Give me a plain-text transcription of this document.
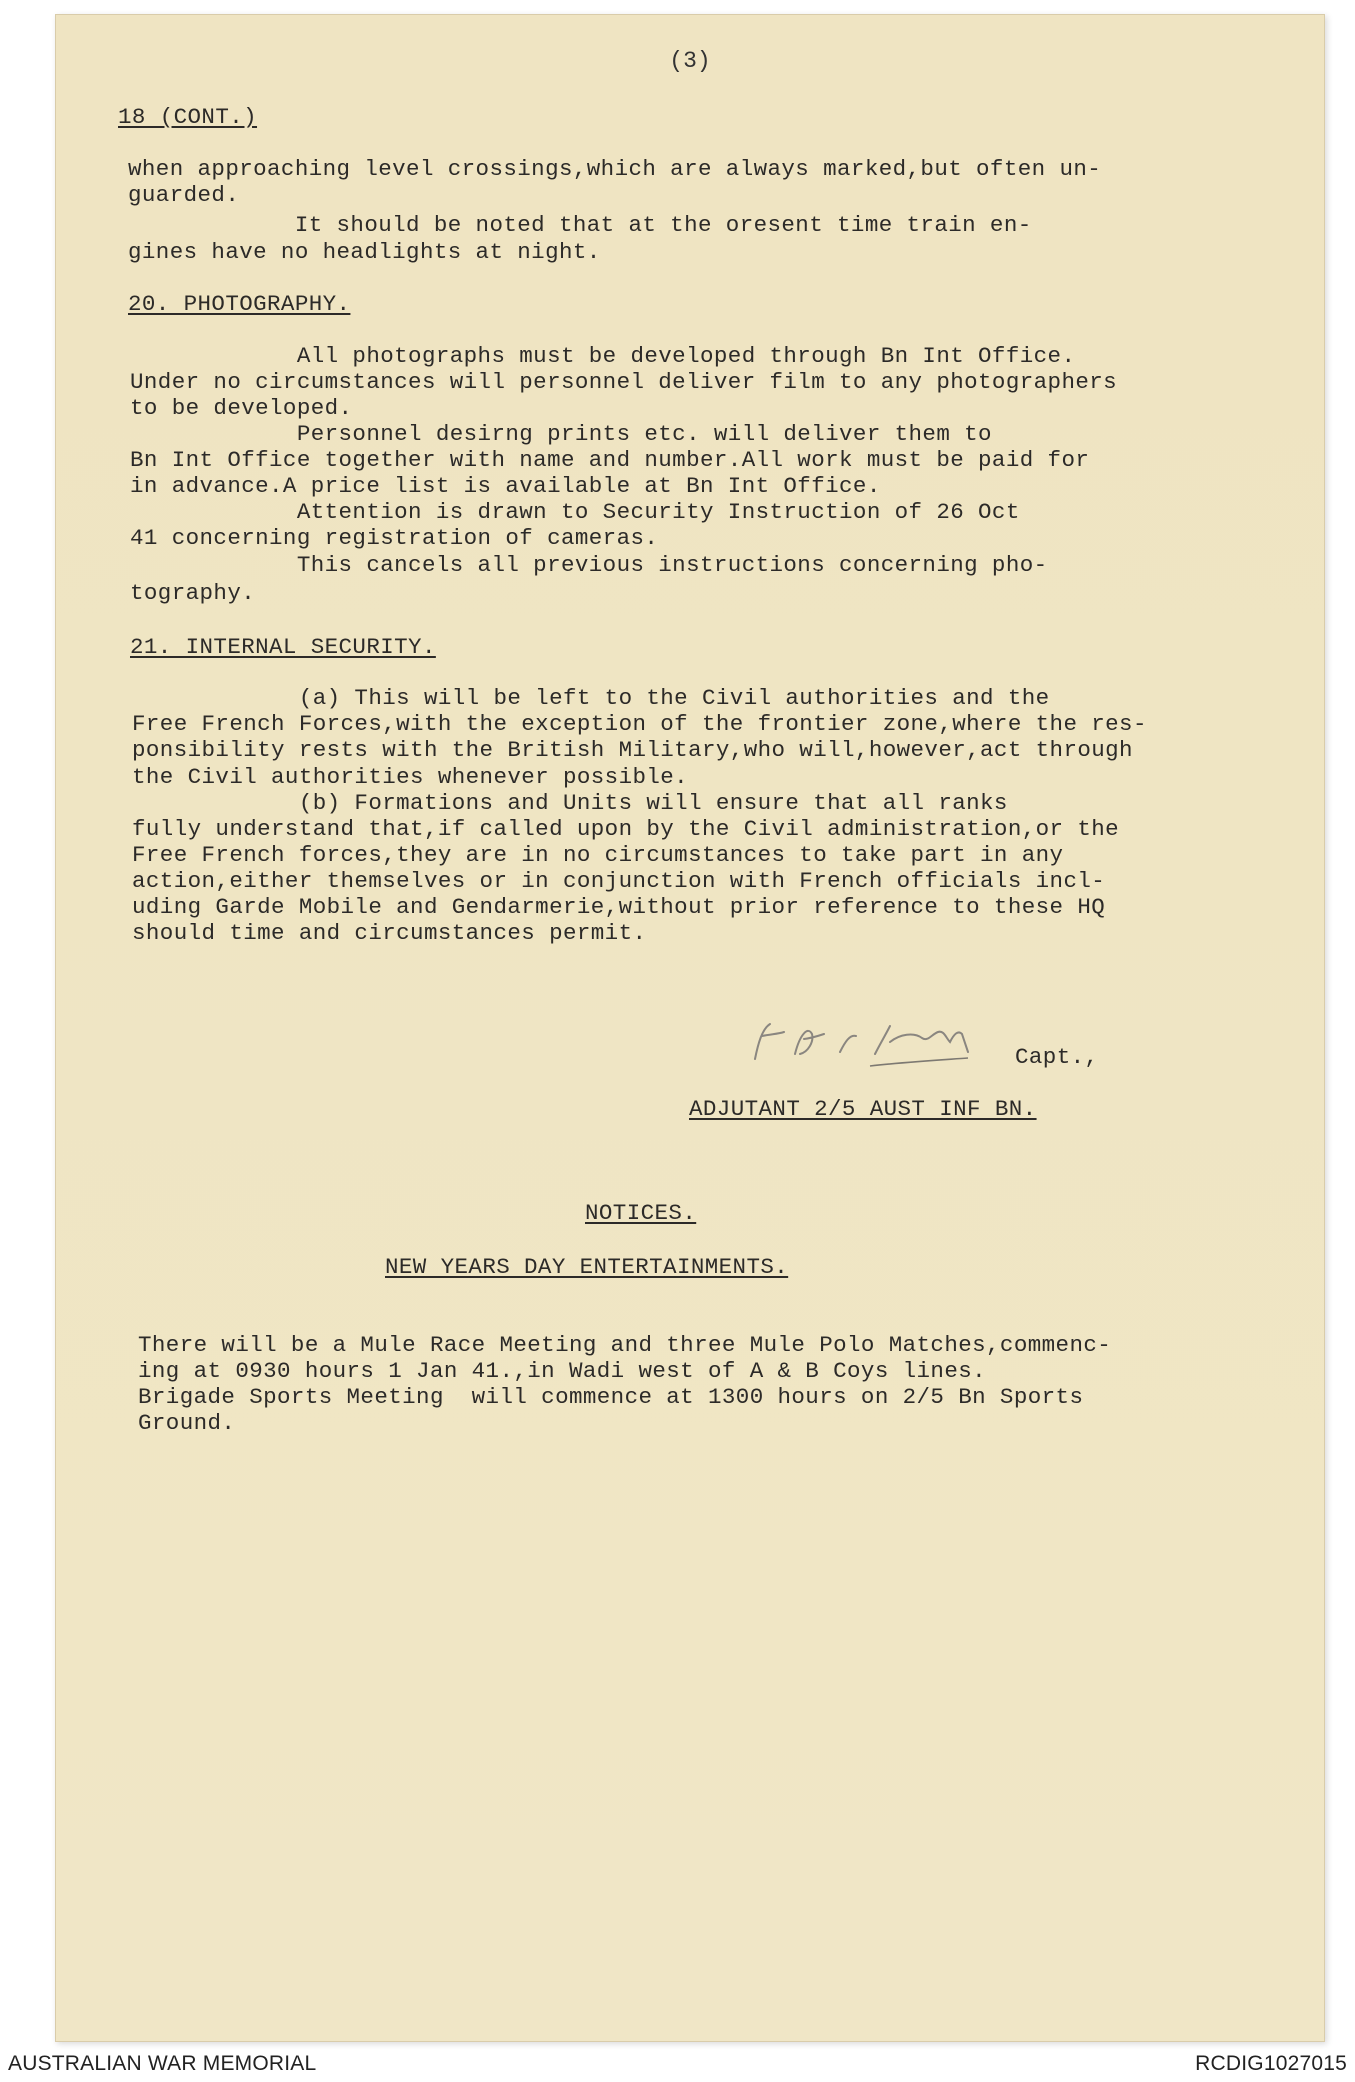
(3)
18 (CONT.)
when approaching level crossings,which are always marked,but often un-
guarded.
It should be noted that at the oresent time train en-
gines have no headlights at night.
20. PHOTOGRAPHY.
All photographs must be developed through Bn Int Office.
Under no circumstances will personnel deliver film to any photographers
to be developed.
Personnel desirng prints etc. will deliver them to
Bn Int Office together with name and number.All work must be paid for
in advance.A price list is available at Bn Int Office.
Attention is drawn to Security Instruction of 26 Oct
41 concerning registration of cameras.
This cancels all previous instructions concerning pho-
tography.
21. INTERNAL SECURITY.
(a) This will be left to the Civil authorities and the
Free French Forces,with the exception of the frontier zone,where the res-
ponsibility rests with the British Military,who will,however,act through
the Civil authorities whenever possible.
(b) Formations and Units will ensure that all ranks
fully understand that,if called upon by the Civil administration,or the
Free French forces,they are in no circumstances to take part in any
action,either themselves or in conjunction with French officials incl-
uding Garde Mobile and Gendarmerie,without prior reference to these HQ
should time and circumstances permit.
Capt.,
ADJUTANT 2/5 AUST INF BN.
NOTICES.
NEW YEARS DAY ENTERTAINMENTS.
There will be a Mule Race Meeting and three Mule Polo Matches,commenc-
ing at 0930 hours 1 Jan 41.,in Wadi west of A & B Coys lines.
Brigade Sports Meeting  will commence at 1300 hours on 2/5 Bn Sports
Ground.
AUSTRALIAN WAR MEMORIAL	RCDIG1027015
